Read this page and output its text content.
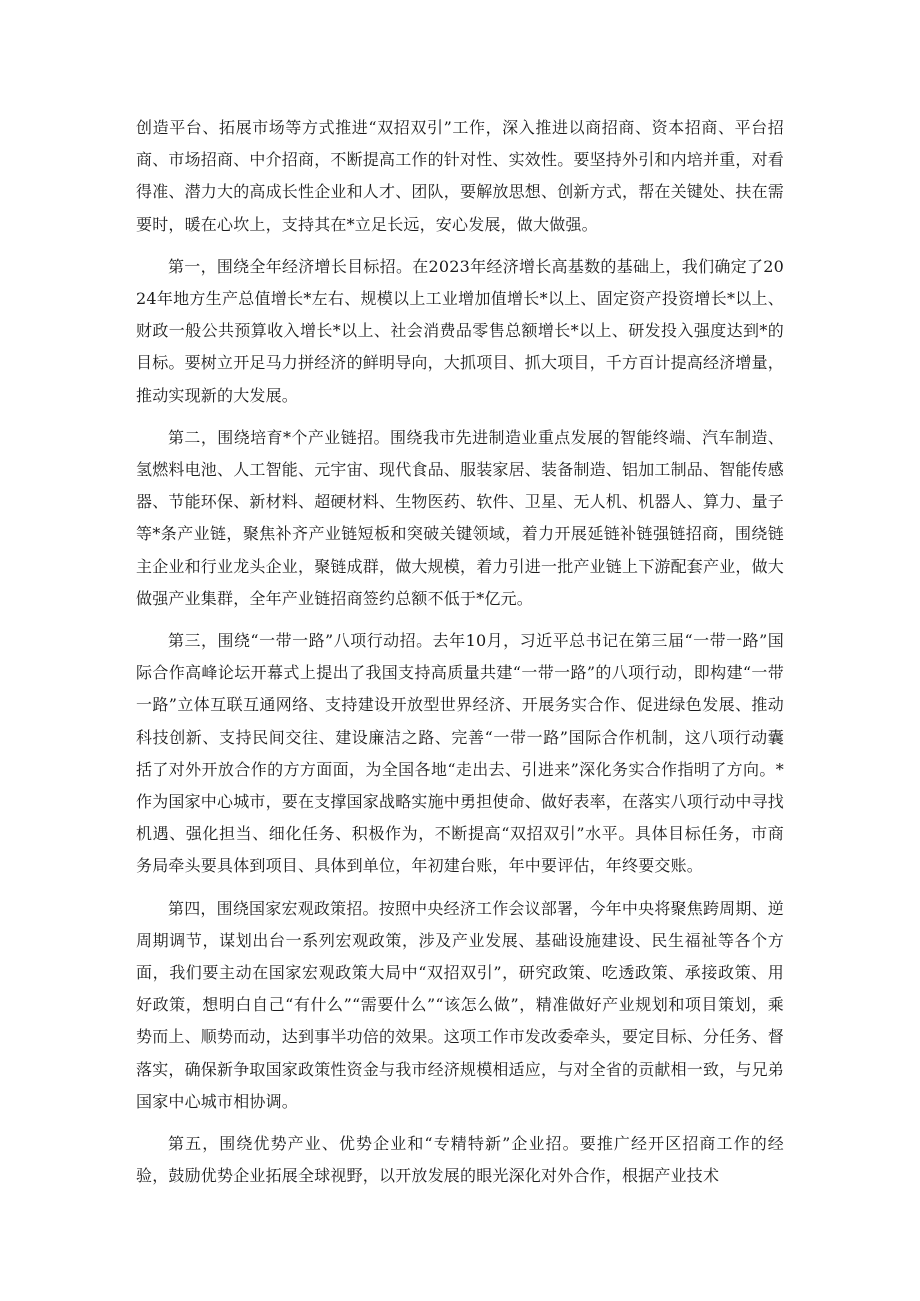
创造平台、拓展市场等方式推进“双招双引”工作，深入推进以商招商、资本招商、平台招商、市场招商、中介招商，不断提高工作的针对性、实效性。要坚持外引和内培并重，对看得准、潜力大的高成长性企业和人才、团队，要解放思想、创新方式，帮在关键处、扶在需要时，暖在心坎上，支持其在*立足长远，安心发展，做大做强。

第一，围绕全年经济增长目标招。在2023年经济增长高基数的基础上，我们确定了2024年地方生产总值增长*左右、规模以上工业增加值增长*以上、固定资产投资增长*以上、财政一般公共预算收入增长*以上、社会消费品零售总额增长*以上、研发投入强度达到*的目标。要树立开足马力拼经济的鲜明导向，大抓项目、抓大项目，千方百计提高经济增量，推动实现新的大发展。

第二，围绕培育*个产业链招。围绕我市先进制造业重点发展的智能终端、汽车制造、氢燃料电池、人工智能、元宇宙、现代食品、服装家居、装备制造、铝加工制品、智能传感器、节能环保、新材料、超硬材料、生物医药、软件、卫星、无人机、机器人、算力、量子等*条产业链，聚焦补齐产业链短板和突破关键领域，着力开展延链补链强链招商，围绕链主企业和行业龙头企业，聚链成群，做大规模，着力引进一批产业链上下游配套产业，做大做强产业集群，全年产业链招商签约总额不低于*亿元。

第三，围绕“一带一路”八项行动招。去年10月，习近平总书记在第三届“一带一路”国际合作高峰论坛开幕式上提出了我国支持高质量共建“一带一路”的八项行动，即构建“一带一路”立体互联互通网络、支持建设开放型世界经济、开展务实合作、促进绿色发展、推动科技创新、支持民间交往、建设廉洁之路、完善“一带一路”国际合作机制，这八项行动囊括了对外开放合作的方方面面，为全国各地“走出去、引进来”深化务实合作指明了方向。*作为国家中心城市，要在支撑国家战略实施中勇担使命、做好表率，在落实八项行动中寻找机遇、强化担当、细化任务、积极作为，不断提高“双招双引”水平。具体目标任务，市商务局牵头要具体到项目、具体到单位，年初建台账，年中要评估，年终要交账。

第四，围绕国家宏观政策招。按照中央经济工作会议部署，今年中央将聚焦跨周期、逆周期调节，谋划出台一系列宏观政策，涉及产业发展、基础设施建设、民生福祉等各个方面，我们要主动在国家宏观政策大局中“双招双引”，研究政策、吃透政策、承接政策、用好政策，想明白自己“有什么”“需要什么”“该怎么做”，精准做好产业规划和项目策划，乘势而上、顺势而动，达到事半功倍的效果。这项工作市发改委牵头，要定目标、分任务、督落实，确保新争取国家政策性资金与我市经济规模相适应，与对全省的贡献相一致，与兄弟国家中心城市相协调。

第五，围绕优势产业、优势企业和“专精特新”企业招。要推广经开区招商工作的经验，鼓励优势企业拓展全球视野，以开放发展的眼光深化对外合作，根据产业技术
